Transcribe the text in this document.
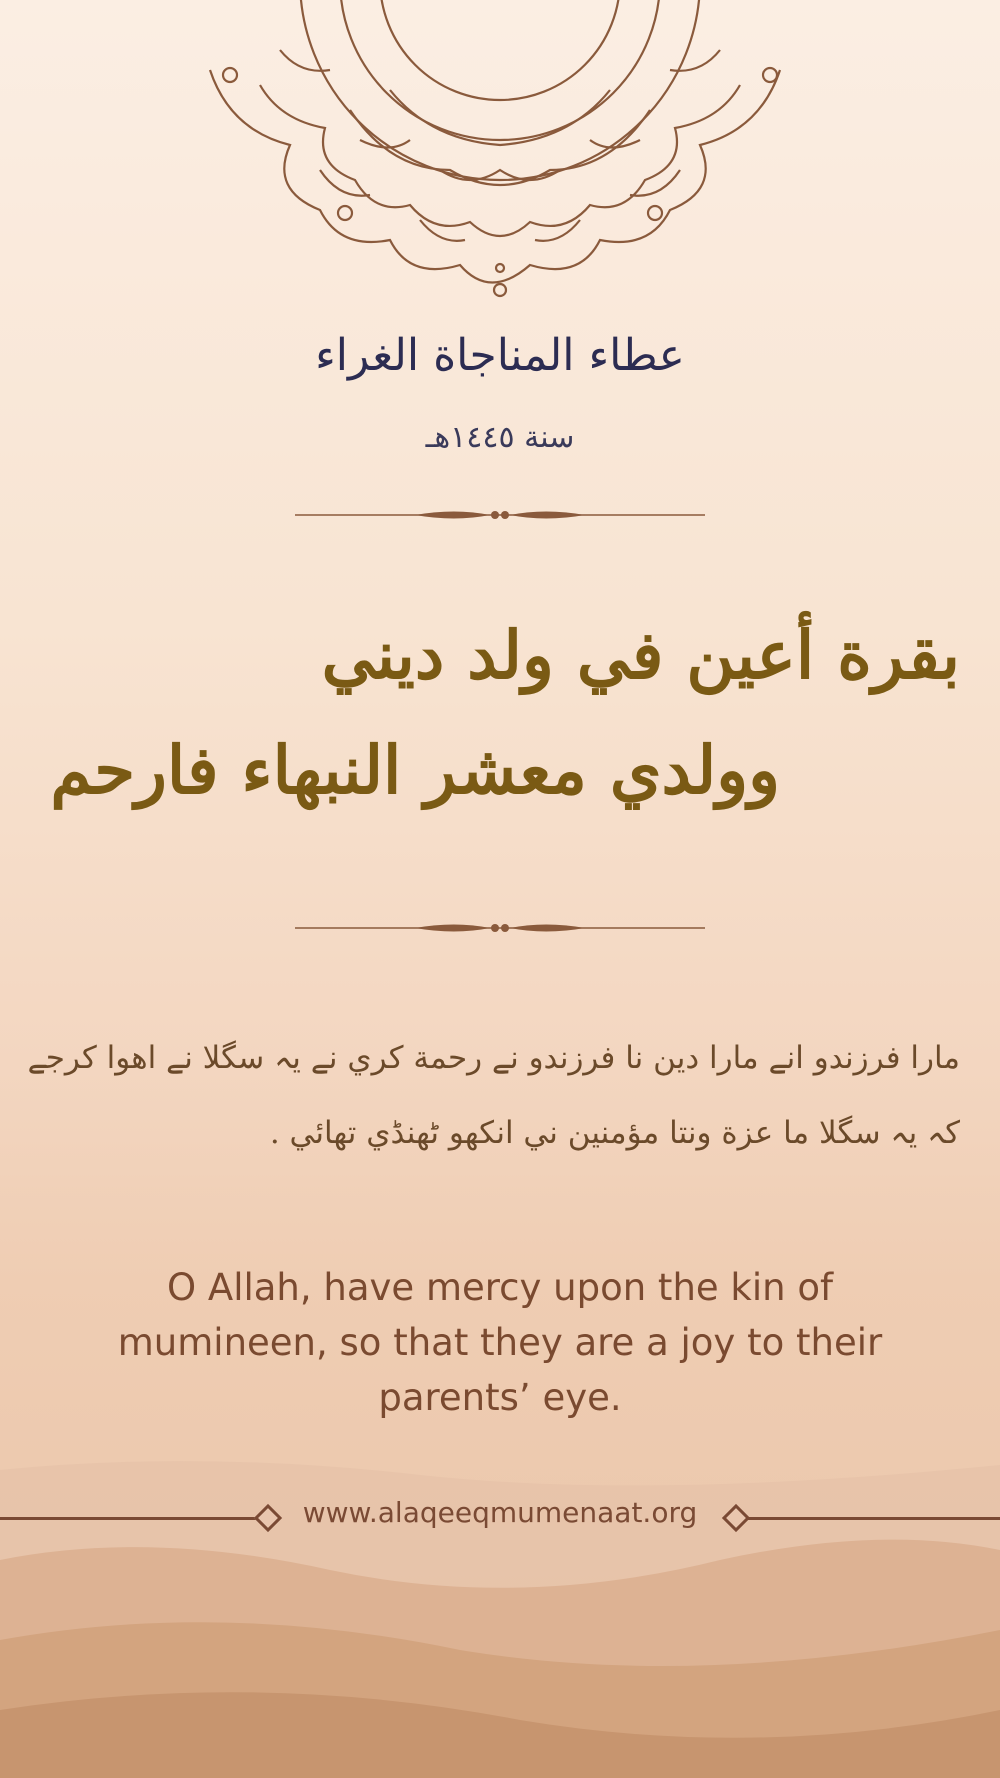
عطاء المناجاة الغراء
سنة ١٤٤٥هـ
بقرة أعين في ولد ديني
وولدي معشر النبهاء فارحم
مارا فرزندو انے مارا دين نا فرزندو نے رحمة كري نے يہ سگلا نے اهوا كرجے
كہ يہ سگلا ما عزة ونتا مؤمنين ني انكهو ٹهنڈي تهائي .
O Allah, have mercy upon the kin of
mumineen, so that they are a joy to their
parents’ eye.
www.alaqeeqmumenaat.org
